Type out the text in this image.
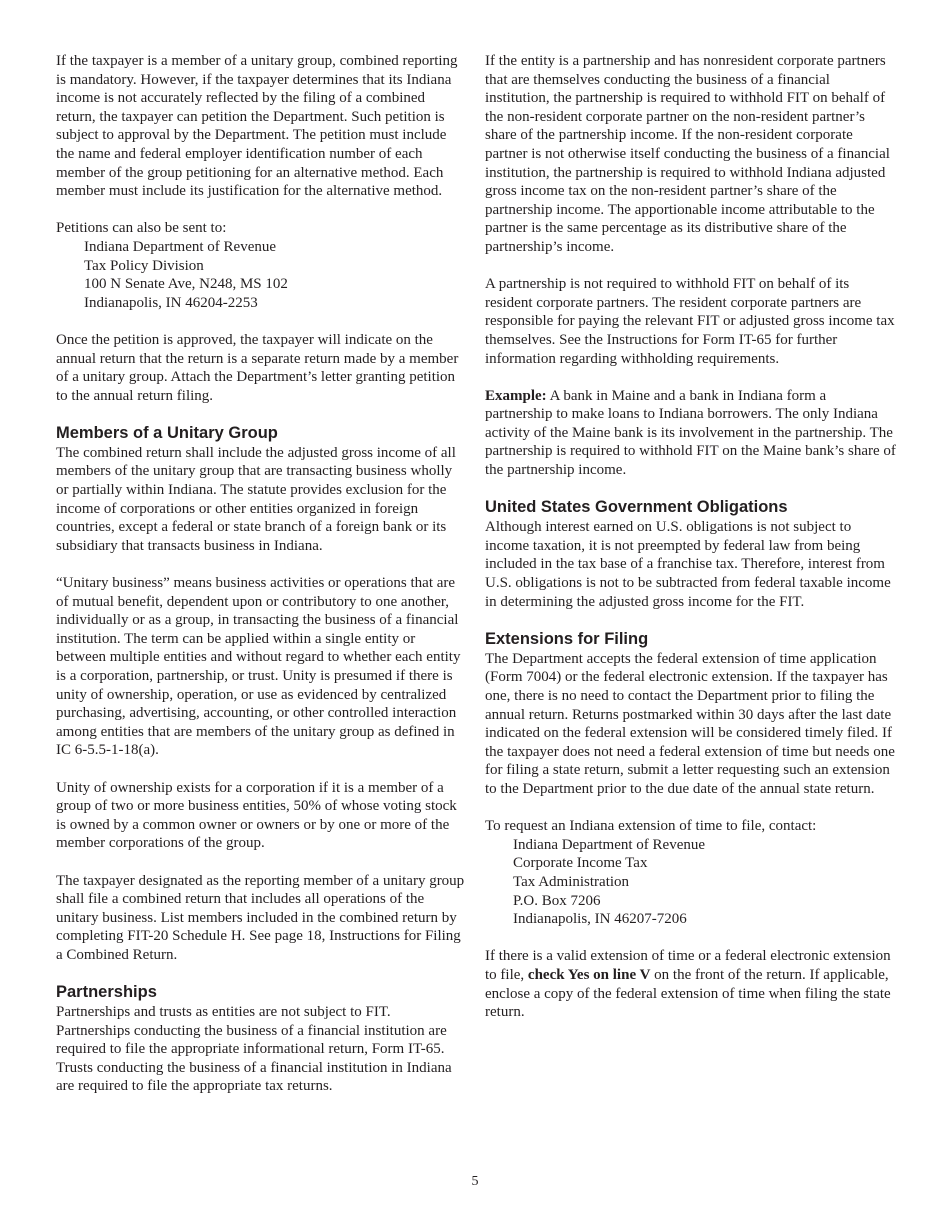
If the taxpayer is a member of a unitary group, combined reporting is mandatory. However, if the taxpayer determines that its Indiana income is not accurately reflected by the filing of a combined return, the taxpayer can petition the Department. Such petition is subject to approval by the Department. The petition must include the name and federal employer identification number of each member of the group petitioning for an alternative method. Each member must include its justification for the alternative method.

Petitions can also be sent to:
Indiana Department of Revenue
Tax Policy Division
100 N Senate Ave, N248, MS 102
Indianapolis, IN 46204-2253

Once the petition is approved, the taxpayer will indicate on the annual return that the return is a separate return made by a member of a unitary group. Attach the Department’s letter granting petition to the annual return filing.

Members of a Unitary Group

The combined return shall include the adjusted gross income of all members of the unitary group that are transacting business wholly or partially within Indiana. The statute provides exclusion for the income of corporations or other entities organized in foreign countries, except a federal or state branch of a foreign bank or its subsidiary that transacts business in Indiana.

“Unitary business” means business activities or operations that are of mutual benefit, dependent upon or contributory to one another, individually or as a group, in transacting the business of a financial institution. The term can be applied within a single entity or between multiple entities and without regard to whether each entity is a corporation, partnership, or trust. Unity is presumed if there is unity of ownership, operation, or use as evidenced by centralized purchasing, advertising, accounting, or other controlled interaction among entities that are members of the unitary group as defined in IC 6-5.5-1-18(a).

Unity of ownership exists for a corporation if it is a member of a group of two or more business entities, 50% of whose voting stock is owned by a common owner or owners or by one or more of the member corporations of the group.

The taxpayer designated as the reporting member of a unitary group shall file a combined return that includes all operations of the unitary business. List members included in the combined return by completing FIT-20 Schedule H. See page 18, Instructions for Filing a Combined Return.

Partnerships

Partnerships and trusts as entities are not subject to FIT. Partnerships conducting the business of a financial institution are required to file the appropriate informational return, Form IT-65. Trusts conducting the business of a financial institution in Indiana are required to file the appropriate tax returns.

If the entity is a partnership and has nonresident corporate partners that are themselves conducting the business of a financial institution, the partnership is required to withhold FIT on behalf of the non-resident corporate partner on the non-resident partner’s share of the partnership income. If the non-resident corporate partner is not otherwise itself conducting the business of a financial institution, the partnership is required to withhold Indiana adjusted gross income tax on the non-resident partner’s share of the partnership income. The apportionable income attributable to the partner is the same percentage as its distributive share of the partnership’s income.

A partnership is not required to withhold FIT on behalf of its resident corporate partners. The resident corporate partners are responsible for paying the relevant FIT or adjusted gross income tax themselves. See the Instructions for Form IT-65 for further information regarding withholding requirements.

Example: A bank in Maine and a bank in Indiana form a partnership to make loans to Indiana borrowers. The only Indiana activity of the Maine bank is its involvement in the partnership. The partnership is required to withhold FIT on the Maine bank’s share of the partnership income.

United States Government Obligations

Although interest earned on U.S. obligations is not subject to income taxation, it is not preempted by federal law from being included in the tax base of a franchise tax. Therefore, interest from U.S. obligations is not to be subtracted from federal taxable income in determining the adjusted gross income for the FIT.

Extensions for Filing

The Department accepts the federal extension of time application (Form 7004) or the federal electronic extension. If the taxpayer has one, there is no need to contact the Department prior to filing the annual return. Returns postmarked within 30 days after the last date indicated on the federal extension will be considered timely filed. If the taxpayer does not need a federal extension of time but needs one for filing a state return, submit a letter requesting such an extension to the Department prior to the due date of the annual state return.

To request an Indiana extension of time to file, contact:
Indiana Department of Revenue
Corporate Income Tax
Tax Administration
P.O. Box 7206
Indianapolis, IN 46207-7206

If there is a valid extension of time or a federal electronic extension to file, check Yes on line V on the front of the return. If applicable, enclose a copy of the federal extension of time when filing the state return.

5
